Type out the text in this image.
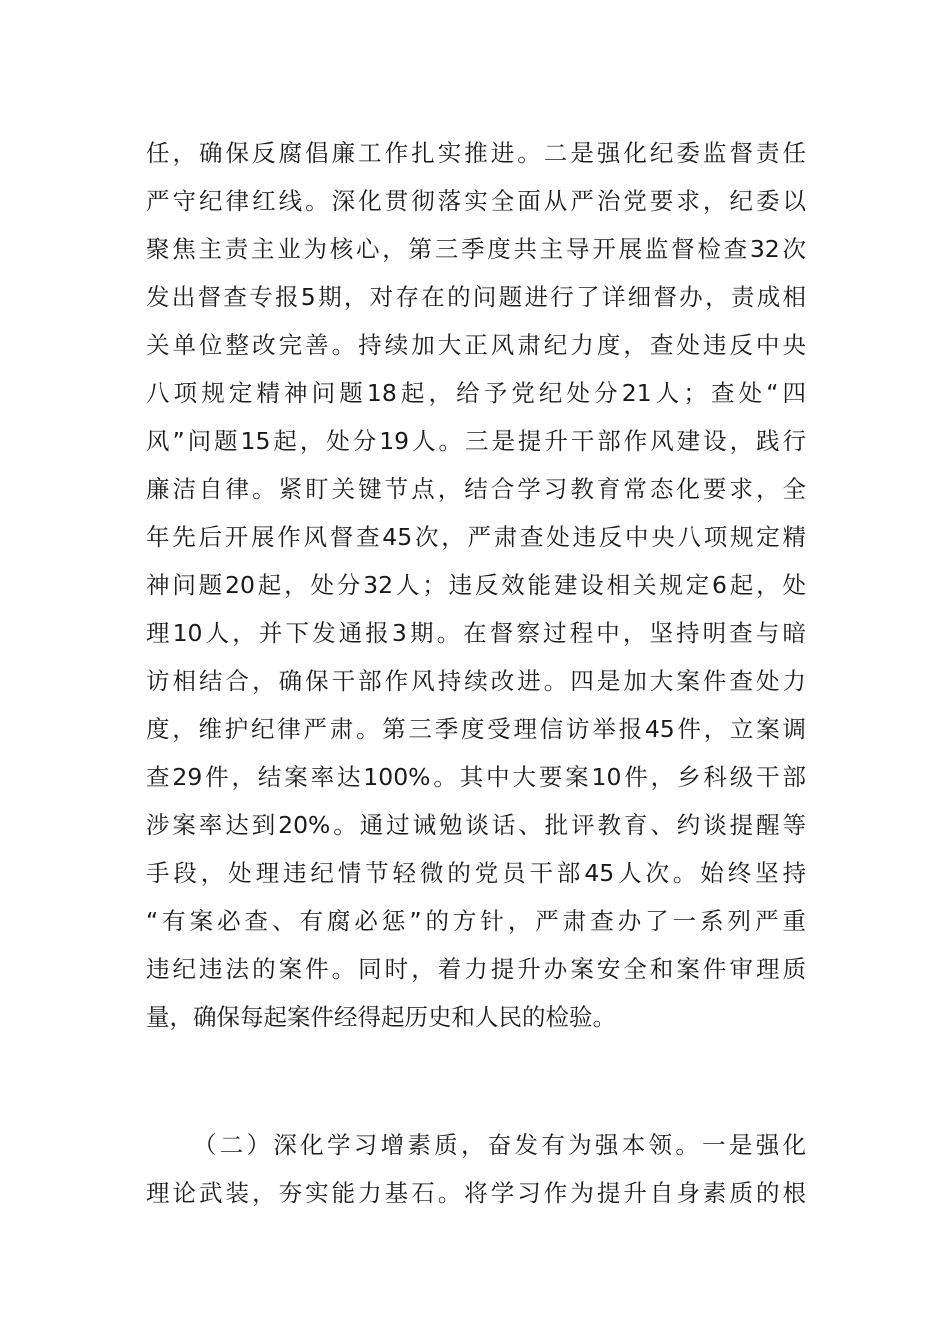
任，确保反腐倡廉工作扎实推进。二是强化纪委监督责任
严守纪律红线。深化贯彻落实全面从严治党要求，纪委以
聚焦主责主业为核心，第三季度共主导开展监督检查32次
发出督查专报5期，对存在的问题进行了详细督办，责成相
关单位整改完善。持续加大正风肃纪力度，查处违反中央
八项规定精神问题18起，给予党纪处分21人；查处“四
风”问题15起，处分19人。三是提升干部作风建设，践行
廉洁自律。紧盯关键节点，结合学习教育常态化要求，全
年先后开展作风督查45次，严肃查处违反中央八项规定精
神问题20起，处分32人；违反效能建设相关规定6起，处
理10人，并下发通报3期。在督察过程中，坚持明查与暗
访相结合，确保干部作风持续改进。四是加大案件查处力
度，维护纪律严肃。第三季度受理信访举报45件，立案调
查29件，结案率达100%。其中大要案10件，乡科级干部
涉案率达到20%。通过诫勉谈话、批评教育、约谈提醒等
手段，处理违纪情节轻微的党员干部45人次。始终坚持
“有案必查、有腐必惩”的方针，严肃查办了一系列严重
违纪违法的案件。同时，着力提升办案安全和案件审理质
量，确保每起案件经得起历史和人民的检验。
（二）深化学习增素质，奋发有为强本领。一是强化
理论武装，夯实能力基石。将学习作为提升自身素质的根
